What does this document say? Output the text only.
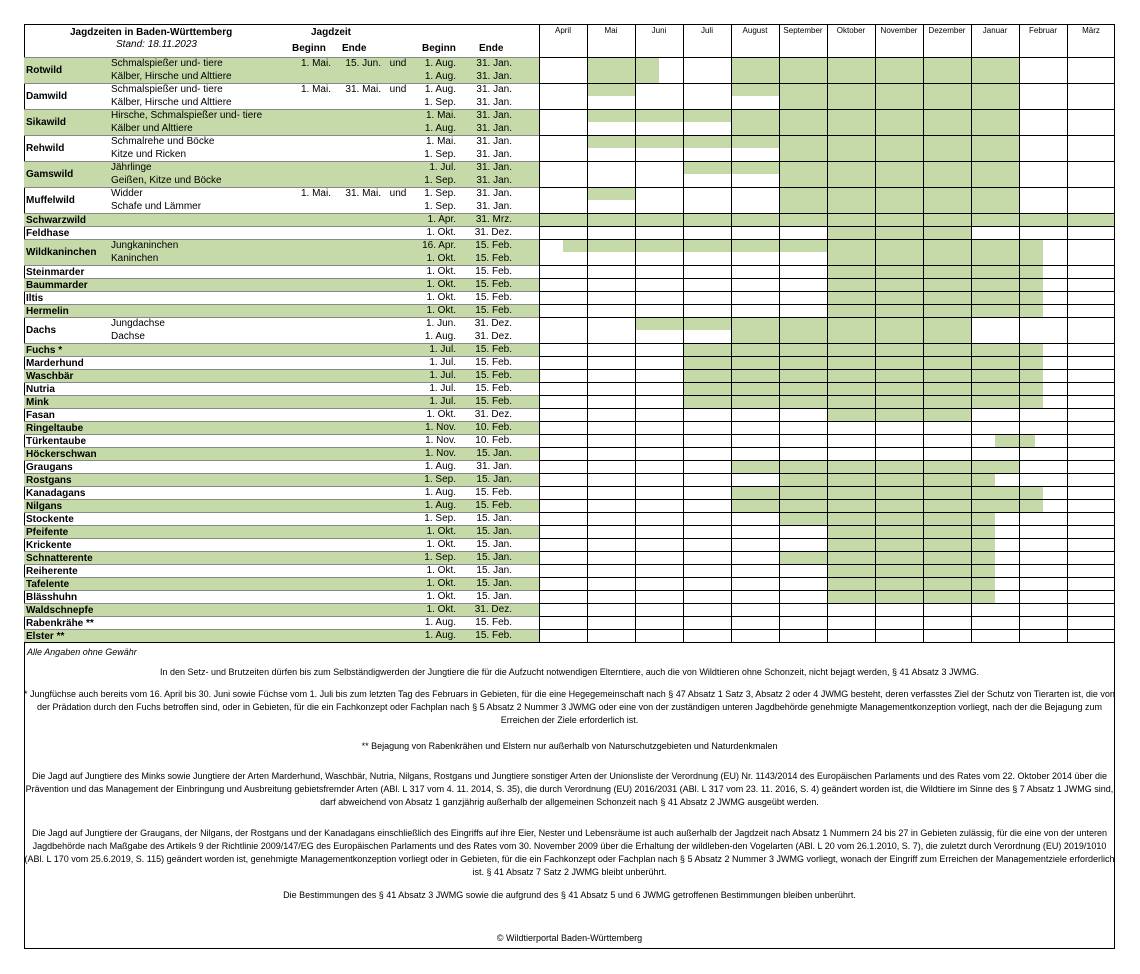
Jagdzeiten in Baden-Württemberg
Stand: 18.11.2023
Jagdzeit
Beginn Ende	Beginn Ende
Rotwild
Schmalspießer und- tiere	1. Mai.	15. Jun. und	1. Aug.	31. Jan.
Kälber, Hirsche und Alttiere	1. Aug.	31. Jan.
Damwild
Schmalspießer und- tiere	1. Mai.	31. Mai. und	1. Aug.	31. Jan.
Kälber, Hirsche und Alttiere	1. Sep.	31. Jan.
Sikawild
Hirsche, Schmalspießer und- tiere	1. Mai.	31. Jan.
Kälber und Alttiere	1. Aug.	31. Jan.
Rehwild
Schmalrehe und Böcke	1. Mai.	31. Jan.
Kitze und Ricken	1. Sep.	31. Jan.
Gamswild
Jährlinge	1. Jul.	31. Jan.
Geißen, Kitze und Böcke	1. Sep.	31. Jan.
Muffelwild
Widder	1. Mai.	31. Mai. und	1. Sep.	31. Jan.
Schafe und Lämmer	1. Sep.	31. Jan.
Schwarzwild	1. Apr.	31. Mrz.
Feldhase	1. Okt.	31. Dez.
Wildkaninchen
Jungkaninchen	16. Apr.	15. Feb.
Kaninchen	1. Okt.	15. Feb.
Steinmarder	1. Okt.	15. Feb.
Baummarder	1. Okt.	15. Feb.
Iltis	1. Okt.	15. Feb.
Hermelin	1. Okt.	15. Feb.
Dachs
Jungdachse	1. Jun.	31. Dez.
Dachse	1. Aug.	31. Dez.
Fuchs *	1. Jul.	15. Feb.
Marderhund	1. Jul.	15. Feb.
Waschbär	1. Jul.	15. Feb.
Nutria	1. Jul.	15. Feb.
Mink	1. Jul.	15. Feb.
Fasan	1. Okt.	31. Dez.
Ringeltaube	1. Nov.	10. Feb.
Türkentaube	1. Nov.	10. Feb.
Höckerschwan	1. Nov.	15. Jan.
Graugans	1. Aug.	31. Jan.
Rostgans	1. Sep.	15. Jan.
Kanadagans	1. Aug.	15. Feb.
Nilgans	1. Aug.	15. Feb.
Stockente	1. Sep.	15. Jan.
Pfeifente	1. Okt.	15. Jan.
Krickente	1. Okt.	15. Jan.
Schnatterente	1. Sep.	15. Jan.
Reiherente	1. Okt.	15. Jan.
Tafelente	1. Okt.	15. Jan.
Blässhuhn	1. Okt.	15. Jan.
Waldschnepfe	1. Okt.	31. Dez.
Rabenkrähe **	1. Aug.	15. Feb.
Elster **	1. Aug.	15. Feb.
April	Mai	Juni	Juli	August	September	Oktober	November	Dezember	Januar	Februar	März
Alle Angaben ohne Gewähr
In den Setz- und Brutzeiten dürfen bis zum Selbständigwerden der Jungtiere die für die Aufzucht notwendigen Elterntiere, auch die von Wildtieren ohne Schonzeit, nicht bejagt werden, § 41 Absatz 3 JWMG.
* Jungfüchse auch bereits vom 16. April bis 30. Juni sowie Füchse vom 1. Juli bis zum letzten Tag des Februars in Gebieten, für die eine Hegegemeinschaft nach § 47 Absatz 1 Satz 3, Absatz 2 oder 4 JWMG besteht, deren verfasstes Ziel der Schutz von Tierarten ist, die von der Prädation durch den Fuchs betroffen sind, oder in Gebieten, für die ein Fachkonzept oder Fachplan nach § 5 Absatz 2 Nummer 3 JWMG oder eine von der zuständigen unteren Jagdbehörde genehmigte Managementkonzeption vorliegt, nach der die Bejagung zum Erreichen der Ziele erforderlich ist.
** Bejagung von Rabenkrähen und Elstern nur außerhalb von Naturschutzgebieten und Naturdenkmalen
Die Jagd auf Jungtiere des Minks sowie Jungtiere der Arten Marderhund, Waschbär, Nutria, Nilgans, Rostgans und Jungtiere sonstiger Arten der Unionsliste der Verordnung (EU) Nr. 1143/2014 des Europäischen Parlaments und des Rates vom 22. Oktober 2014 über die Prävention und das Management der Einbringung und Ausbreitung gebietsfremder Arten (ABl. L 317 vom 4. 11. 2014, S. 35), die durch Verordnung (EU) 2016/2031 (ABl. L 317 vom 23. 11. 2016, S. 4) geändert worden ist, die Wildtiere im Sinne des § 7 Absatz 1 JWMG sind, darf abweichend von Absatz 1 ganzjährig außerhalb der allgemeinen Schonzeit nach § 41 Absatz 2 JWMG ausgeübt werden.
Die Jagd auf Jungtiere der Graugans, der Nilgans, der Rostgans und der Kanadagans einschließlich des Eingriffs auf ihre Eier, Nester und Lebensräume ist auch außerhalb der Jagdzeit nach Absatz 1 Nummern 24 bis 27 in Gebieten zulässig, für die eine von der unteren Jagdbehörde nach Maßgabe des Artikels 9 der Richtlinie 2009/147/EG des Europäischen Parlaments und des Rates vom 30. November 2009 über die Erhaltung der wildleben-den Vogelarten (ABl. L 20 vom 26.1.2010, S. 7), die zuletzt durch Verordnung (EU) 2019/1010 (ABl. L 170 vom 25.6.2019, S. 115) geändert worden ist, genehmigte Managementkonzeption vorliegt oder in Gebieten, für die ein Fachkonzept oder Fachplan nach § 5 Absatz 2 Nummer 3 JWMG vorliegt, wonach der Eingriff zum Erreichen der Managementziele erforderlich ist. § 41 Absatz 7 Satz 2 JWMG bleibt unberührt.
Die Bestimmungen des § 41 Absatz 3 JWMG sowie die aufgrund des § 41 Absatz 5 und 6 JWMG getroffenen Bestimmungen bleiben unberührt.
© Wildtierportal Baden-Württemberg
